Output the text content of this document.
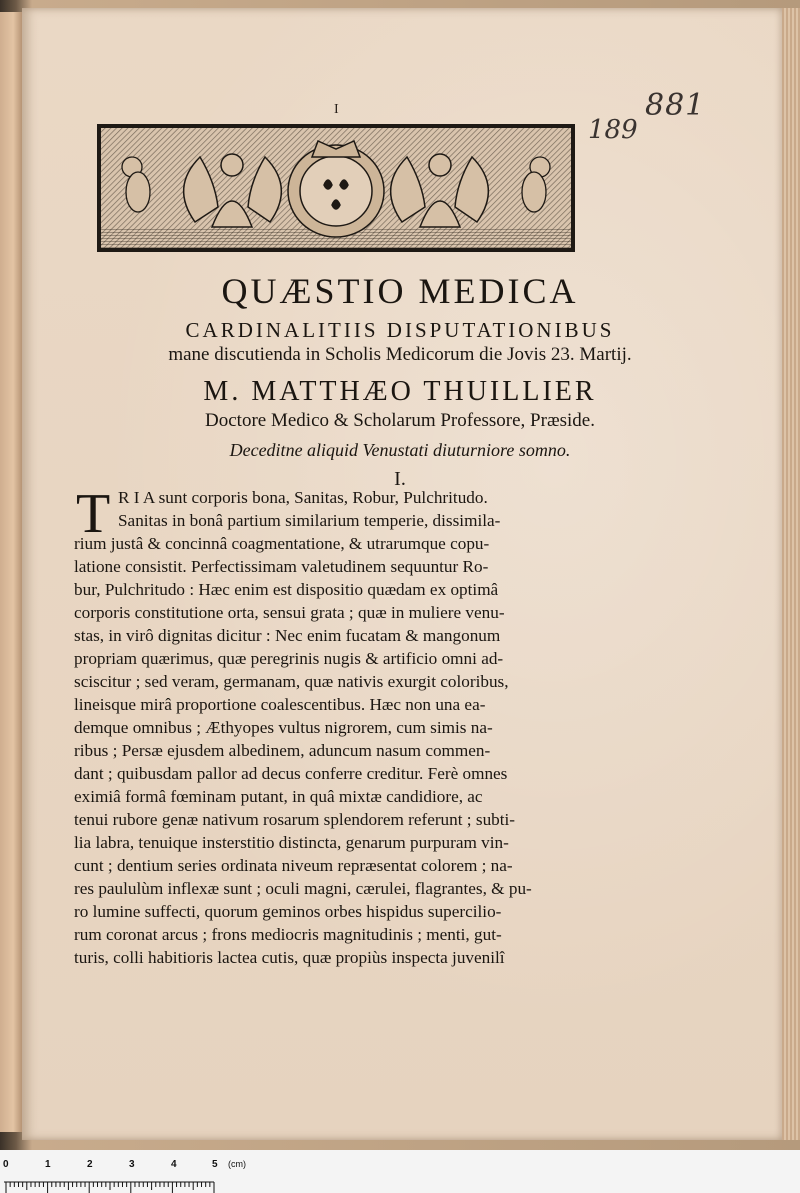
I	881
189
QUÆSTIO MEDICA
CARDINALITIIS DISPUTATIONIBUS
mane discutienda in Scholis Medicorum die Jovis 23. Martij.
M. MATTHÆO THUILLIER
Doctore Medico & Scholarum Professore, Præside.
Deceditne aliquid Venustati diuturniore somno.
I.
T R I A sunt corporis bona, Sanitas, Robur, Pulchritudo.
Sanitas in bonâ partium similarium temperie, dissimila-
rium justâ & concinnâ coagmentatione, & utrarumque copu-
latione consistit. Perfectissimam valetudinem sequuntur Ro-
bur, Pulchritudo : Hæc enim est dispositio quædam ex optimâ
corporis constitutione orta, sensui grata ; quæ in muliere venu-
stas, in virô dignitas dicitur : Nec enim fucatam & mangonum
propriam quærimus, quæ peregrinis nugis & artificio omni ad-
sciscitur ; sed veram, germanam, quæ nativis exurgit coloribus,
lineisque mirâ proportione coalescentibus. Hæc non una ea-
demque omnibus ; Æthyopes vultus nigrorem, cum simis na-
ribus ; Persæ ejusdem albedinem, aduncum nasum commen-
dant ; quibusdam pallor ad decus conferre creditur. Ferè omnes
eximiâ formâ fœminam putant, in quâ mixtæ candidiore, ac
tenui rubore genæ nativum rosarum splendorem referunt ; subti-
lia labra, tenuique insterstitio distincta, genarum purpuram vin-
cunt ; dentium series ordinata niveum repræsentat colorem ; na-
res paululùm inflexæ sunt ; oculi magni, cærulei, flagrantes, & pu-
ro lumine suffecti, quorum geminos orbes hispidus supercilio-
rum coronat arcus ; frons mediocris magnitudinis ; menti, gut-
turis, colli habitioris lactea cutis, quæ propiùs inspecta juvenilî
0	1	2	3	4	5 (cm)
